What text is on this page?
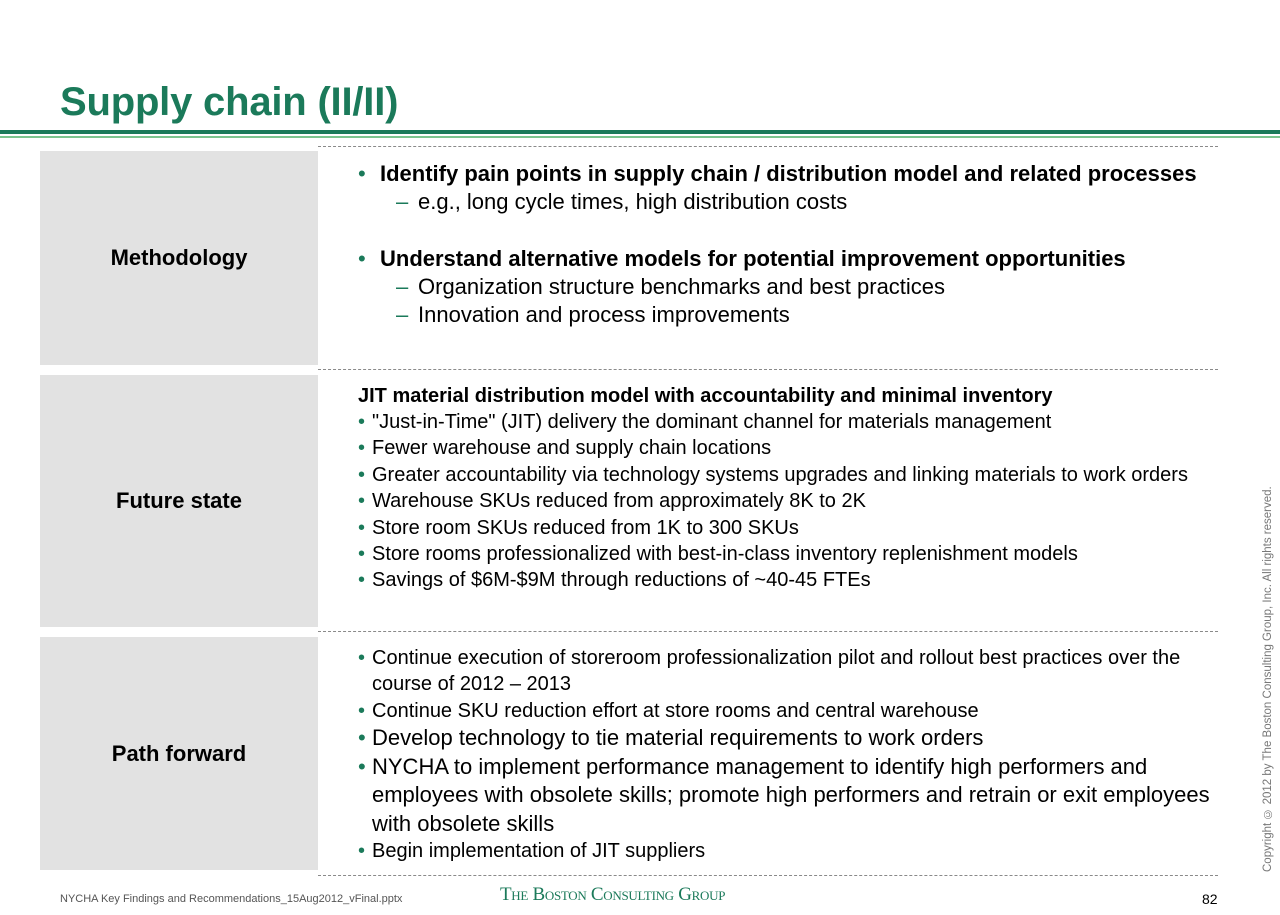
Supply chain (II/II)
Methodology
• Identify pain points in supply chain / distribution model and related processes
– e.g., long cycle times, high distribution costs
• Understand alternative models for potential improvement opportunities
– Organization structure benchmarks and best practices
– Innovation and process improvements
Future state
JIT material distribution model with accountability and minimal inventory
• "Just-in-Time" (JIT) delivery the dominant channel for materials management
• Fewer warehouse and supply chain locations
• Greater accountability via technology systems upgrades and linking materials to work orders
• Warehouse SKUs reduced from approximately 8K to 2K
• Store room SKUs reduced from 1K to 300 SKUs
• Store rooms professionalized with best-in-class inventory replenishment models
• Savings of $6M-$9M through reductions of ~40-45 FTEs
Path forward
• Continue execution of storeroom professionalization pilot and rollout best practices over the course of 2012 – 2013
• Continue SKU reduction effort at store rooms and central warehouse
• Develop technology to tie material requirements to work orders
• NYCHA to implement performance management to identify high performers and employees with obsolete skills; promote high performers and retrain or exit employees with obsolete skills
• Begin implementation of JIT suppliers
NYCHA Key Findings and Recommendations_15Aug2012_vFinal.pptx	The Boston Consulting Group	82
Copyright © 2012 by The Boston Consulting Group, Inc. All rights reserved.
